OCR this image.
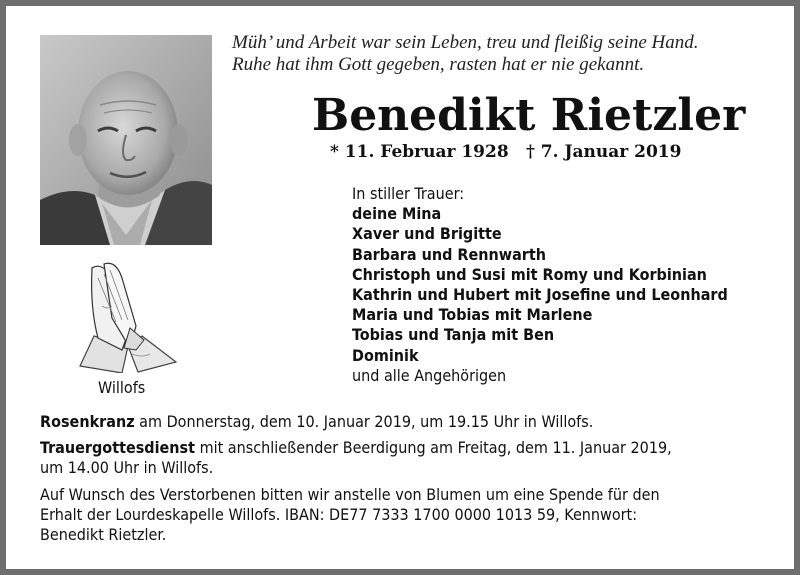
Willofs
Müh’ und Arbeit war sein Leben, treu und fleißig seine Hand.
Ruhe hat ihm Gott gegeben, rasten hat er nie gekannt.
Benedikt Rietzler
* 11. Februar 1928 † 7. Januar 2019
In stiller Trauer:
deine Mina
Xaver und Brigitte
Barbara und Rennwarth
Christoph und Susi mit Romy und Korbinian
Kathrin und Hubert mit Josefine und Leonhard
Maria und Tobias mit Marlene
Tobias und Tanja mit Ben
Dominik
und alle Angehörigen
Rosenkranz am Donnerstag, dem 10. Januar 2019, um 19.15 Uhr in Willofs.
Trauergottesdienst mit anschließender Beerdigung am Freitag, dem 11. Januar 2019,
um 14.00 Uhr in Willofs.
Auf Wunsch des Verstorbenen bitten wir anstelle von Blumen um eine Spende für den
Erhalt der Lourdeskapelle Willofs. IBAN: DE77 7333 1700 0000 1013 59, Kennwort:
Benedikt Rietzler.
